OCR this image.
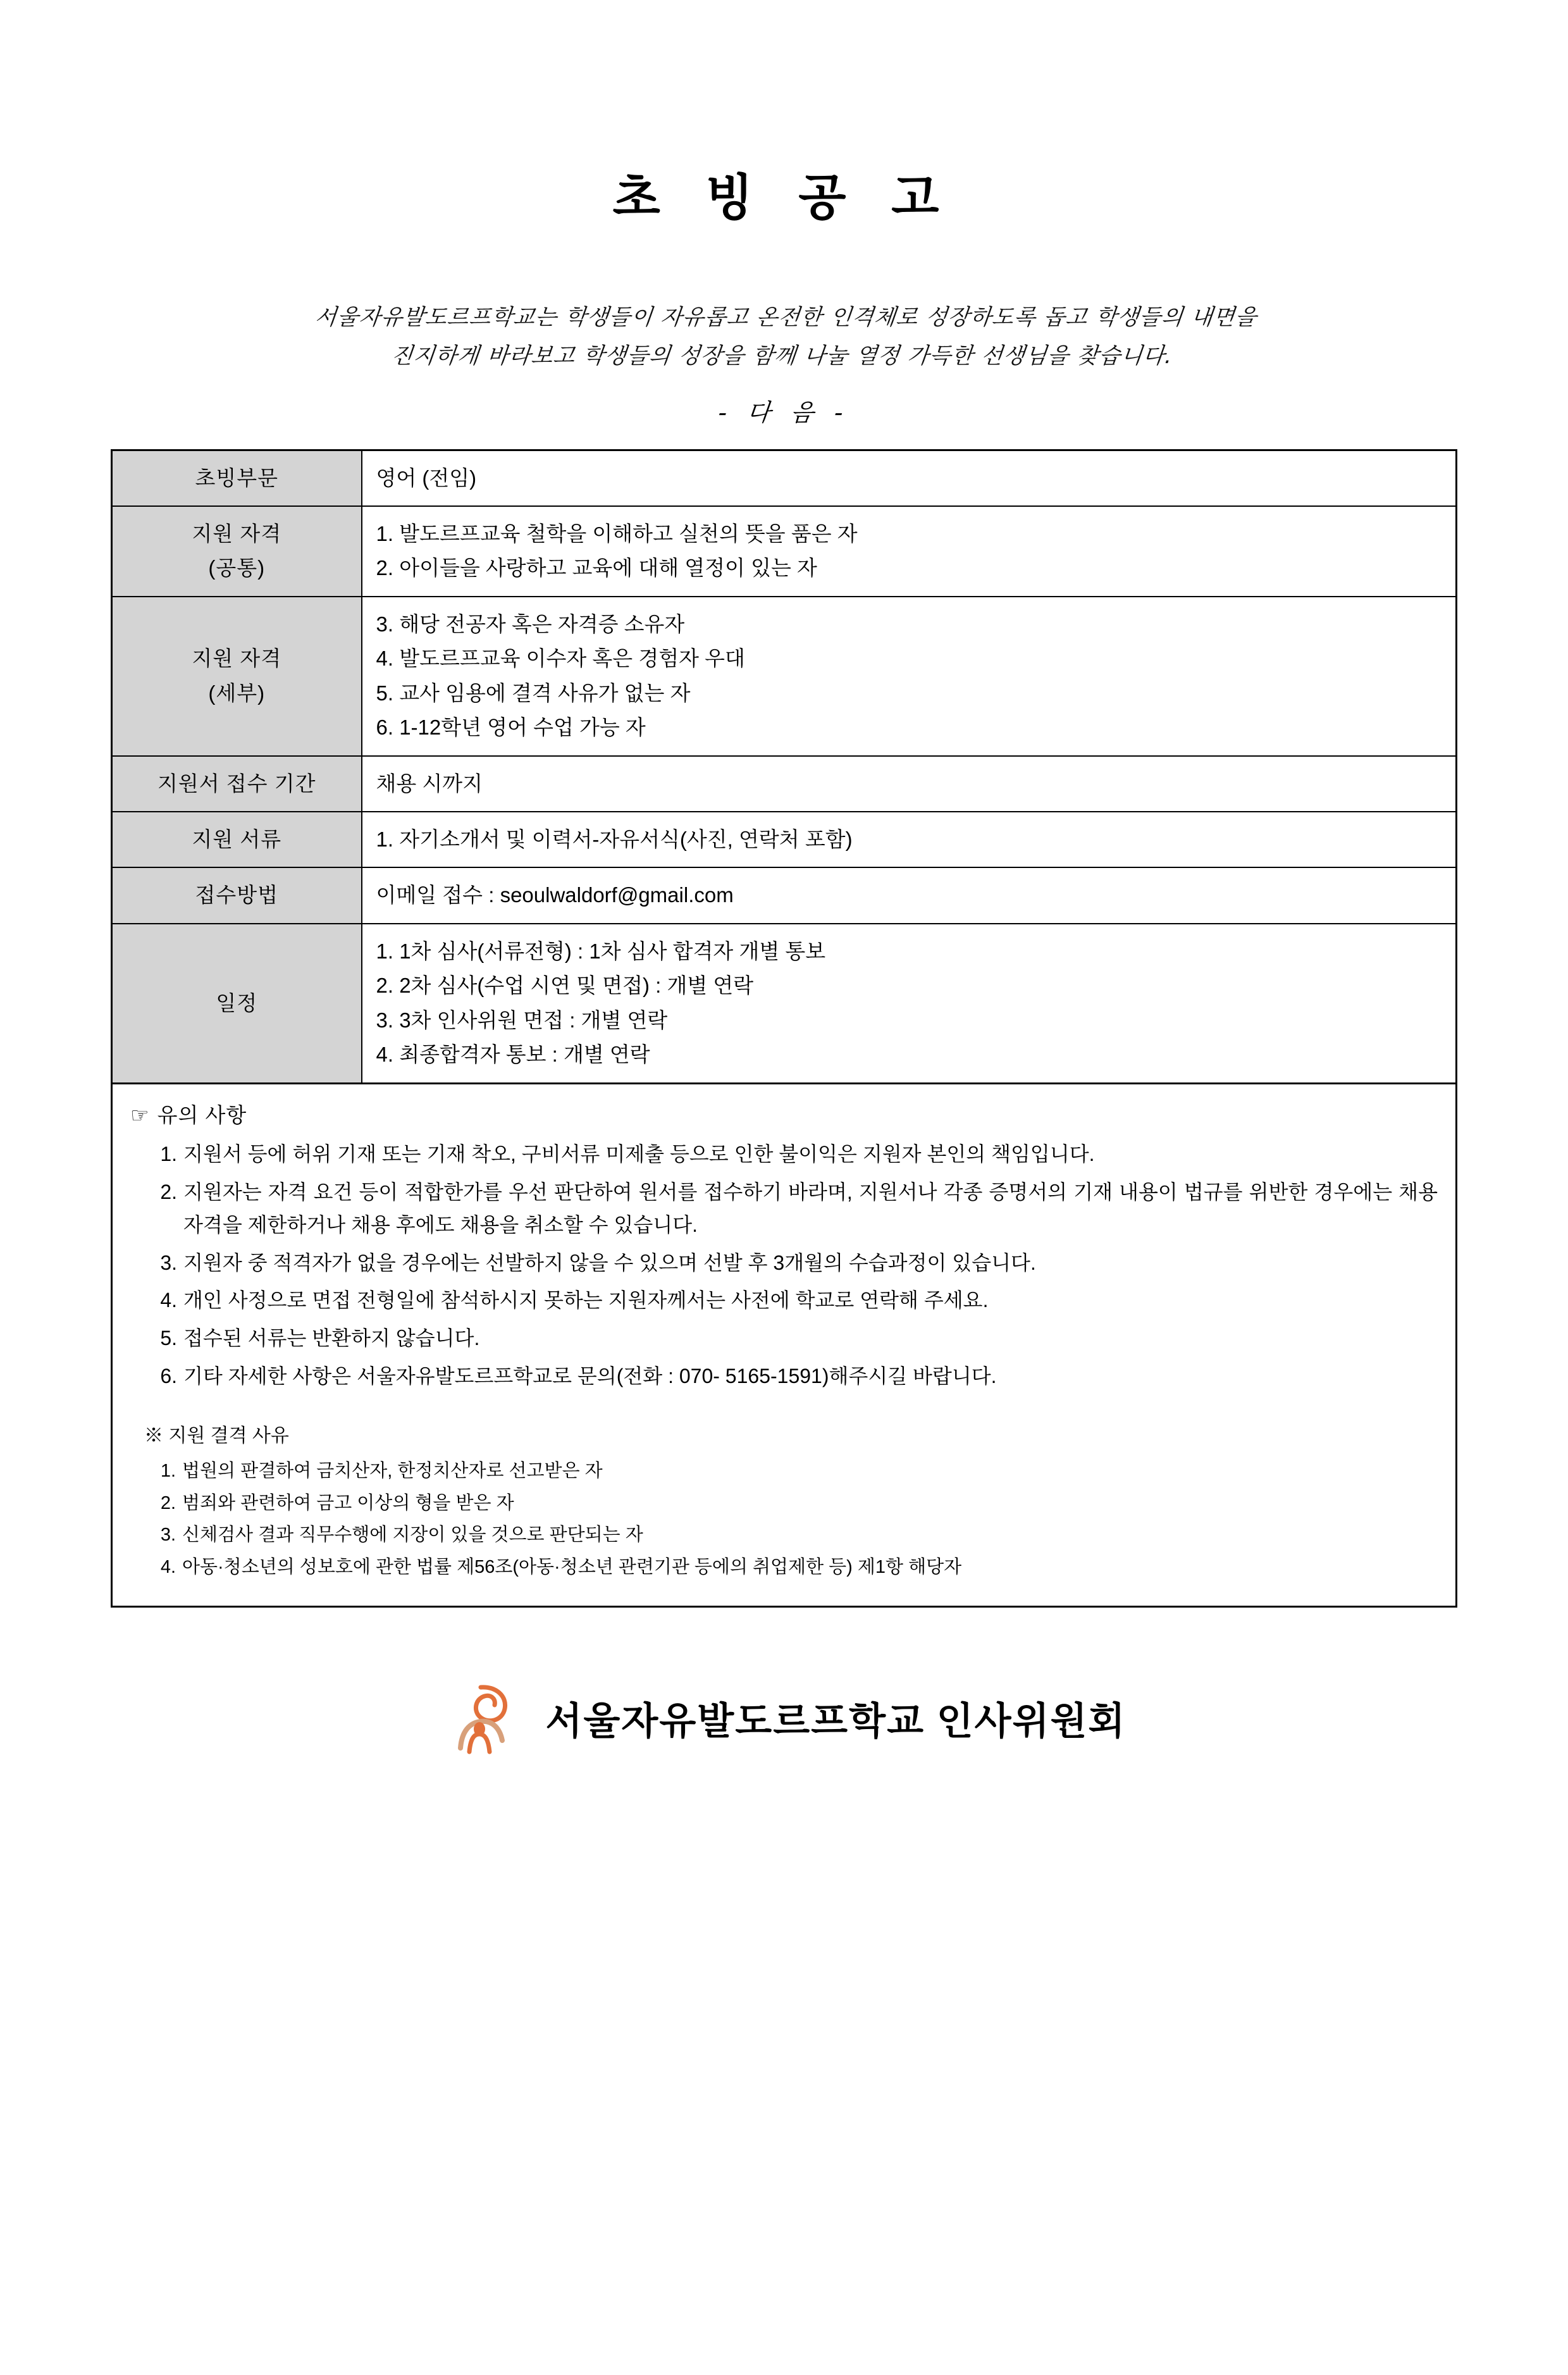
초 빙 공 고
서울자유발도르프학교는 학생들이 자유롭고 온전한 인격체로 성장하도록 돕고 학생들의 내면을
진지하게 바라보고 학생들의 성장을 함께 나눌 열정 가득한 선생님을 찾습니다.
- 다 음 -
초빙부문	영어 (전임)

지원 자격
(공통)	1. 발도르프교육 철학을 이해하고 실천의 뜻을 품은 자
2. 아이들을 사랑하고 교육에 대해 열정이 있는 자

지원 자격
(세부)	3. 해당 전공자 혹은 자격증 소유자
4. 발도르프교육 이수자 혹은 경험자 우대
5. 교사 임용에 결격 사유가 없는 자
6. 1-12학년 영어 수업 가능 자

지원서 접수 기간	채용 시까지

지원 서류	1. 자기소개서 및 이력서-자유서식(사진, 연락처 포함)

접수방법	이메일 접수 : seoulwaldorf@gmail.com

일정	1. 1차 심사(서류전형) : 1차 심사 합격자 개별 통보
2. 2차 심사(수업 시연 및 면접) : 개별 연락
3. 3차 인사위원 면접 : 개별 연락
4. 최종합격자 통보 : 개별 연락
☞ 유의 사항
1. 지원서 등에 허위 기재 또는 기재 착오, 구비서류 미제출 등으로 인한 불이익은 지원자 본인의 책임입니다.
2. 지원자는 자격 요건 등이 적합한가를 우선 판단하여 원서를 접수하기 바라며, 지원서나 각종 증명서의 기재 내용이 법규를 위반한 경우에는 채용 자격을 제한하거나 채용 후에도 채용을 취소할 수 있습니다.
3. 지원자 중 적격자가 없을 경우에는 선발하지 않을 수 있으며 선발 후 3개월의 수습과정이 있습니다.
4. 개인 사정으로 면접 전형일에 참석하시지 못하는 지원자께서는 사전에 학교로 연락해 주세요.
5. 접수된 서류는 반환하지 않습니다.
6. 기타 자세한 사항은 서울자유발도르프학교로 문의(전화 : 070- 5165-1591)해주시길 바랍니다.
※ 지원 결격 사유
1. 법원의 판결하여 금치산자, 한정치산자로 선고받은 자
2. 범죄와 관련하여 금고 이상의 형을 받은 자
3. 신체검사 결과 직무수행에 지장이 있을 것으로 판단되는 자
4. 아동·청소년의 성보호에 관한 법률 제56조(아동·청소년 관련기관 등에의 취업제한 등) 제1항 해당자
서울자유발도르프학교 인사위원회
